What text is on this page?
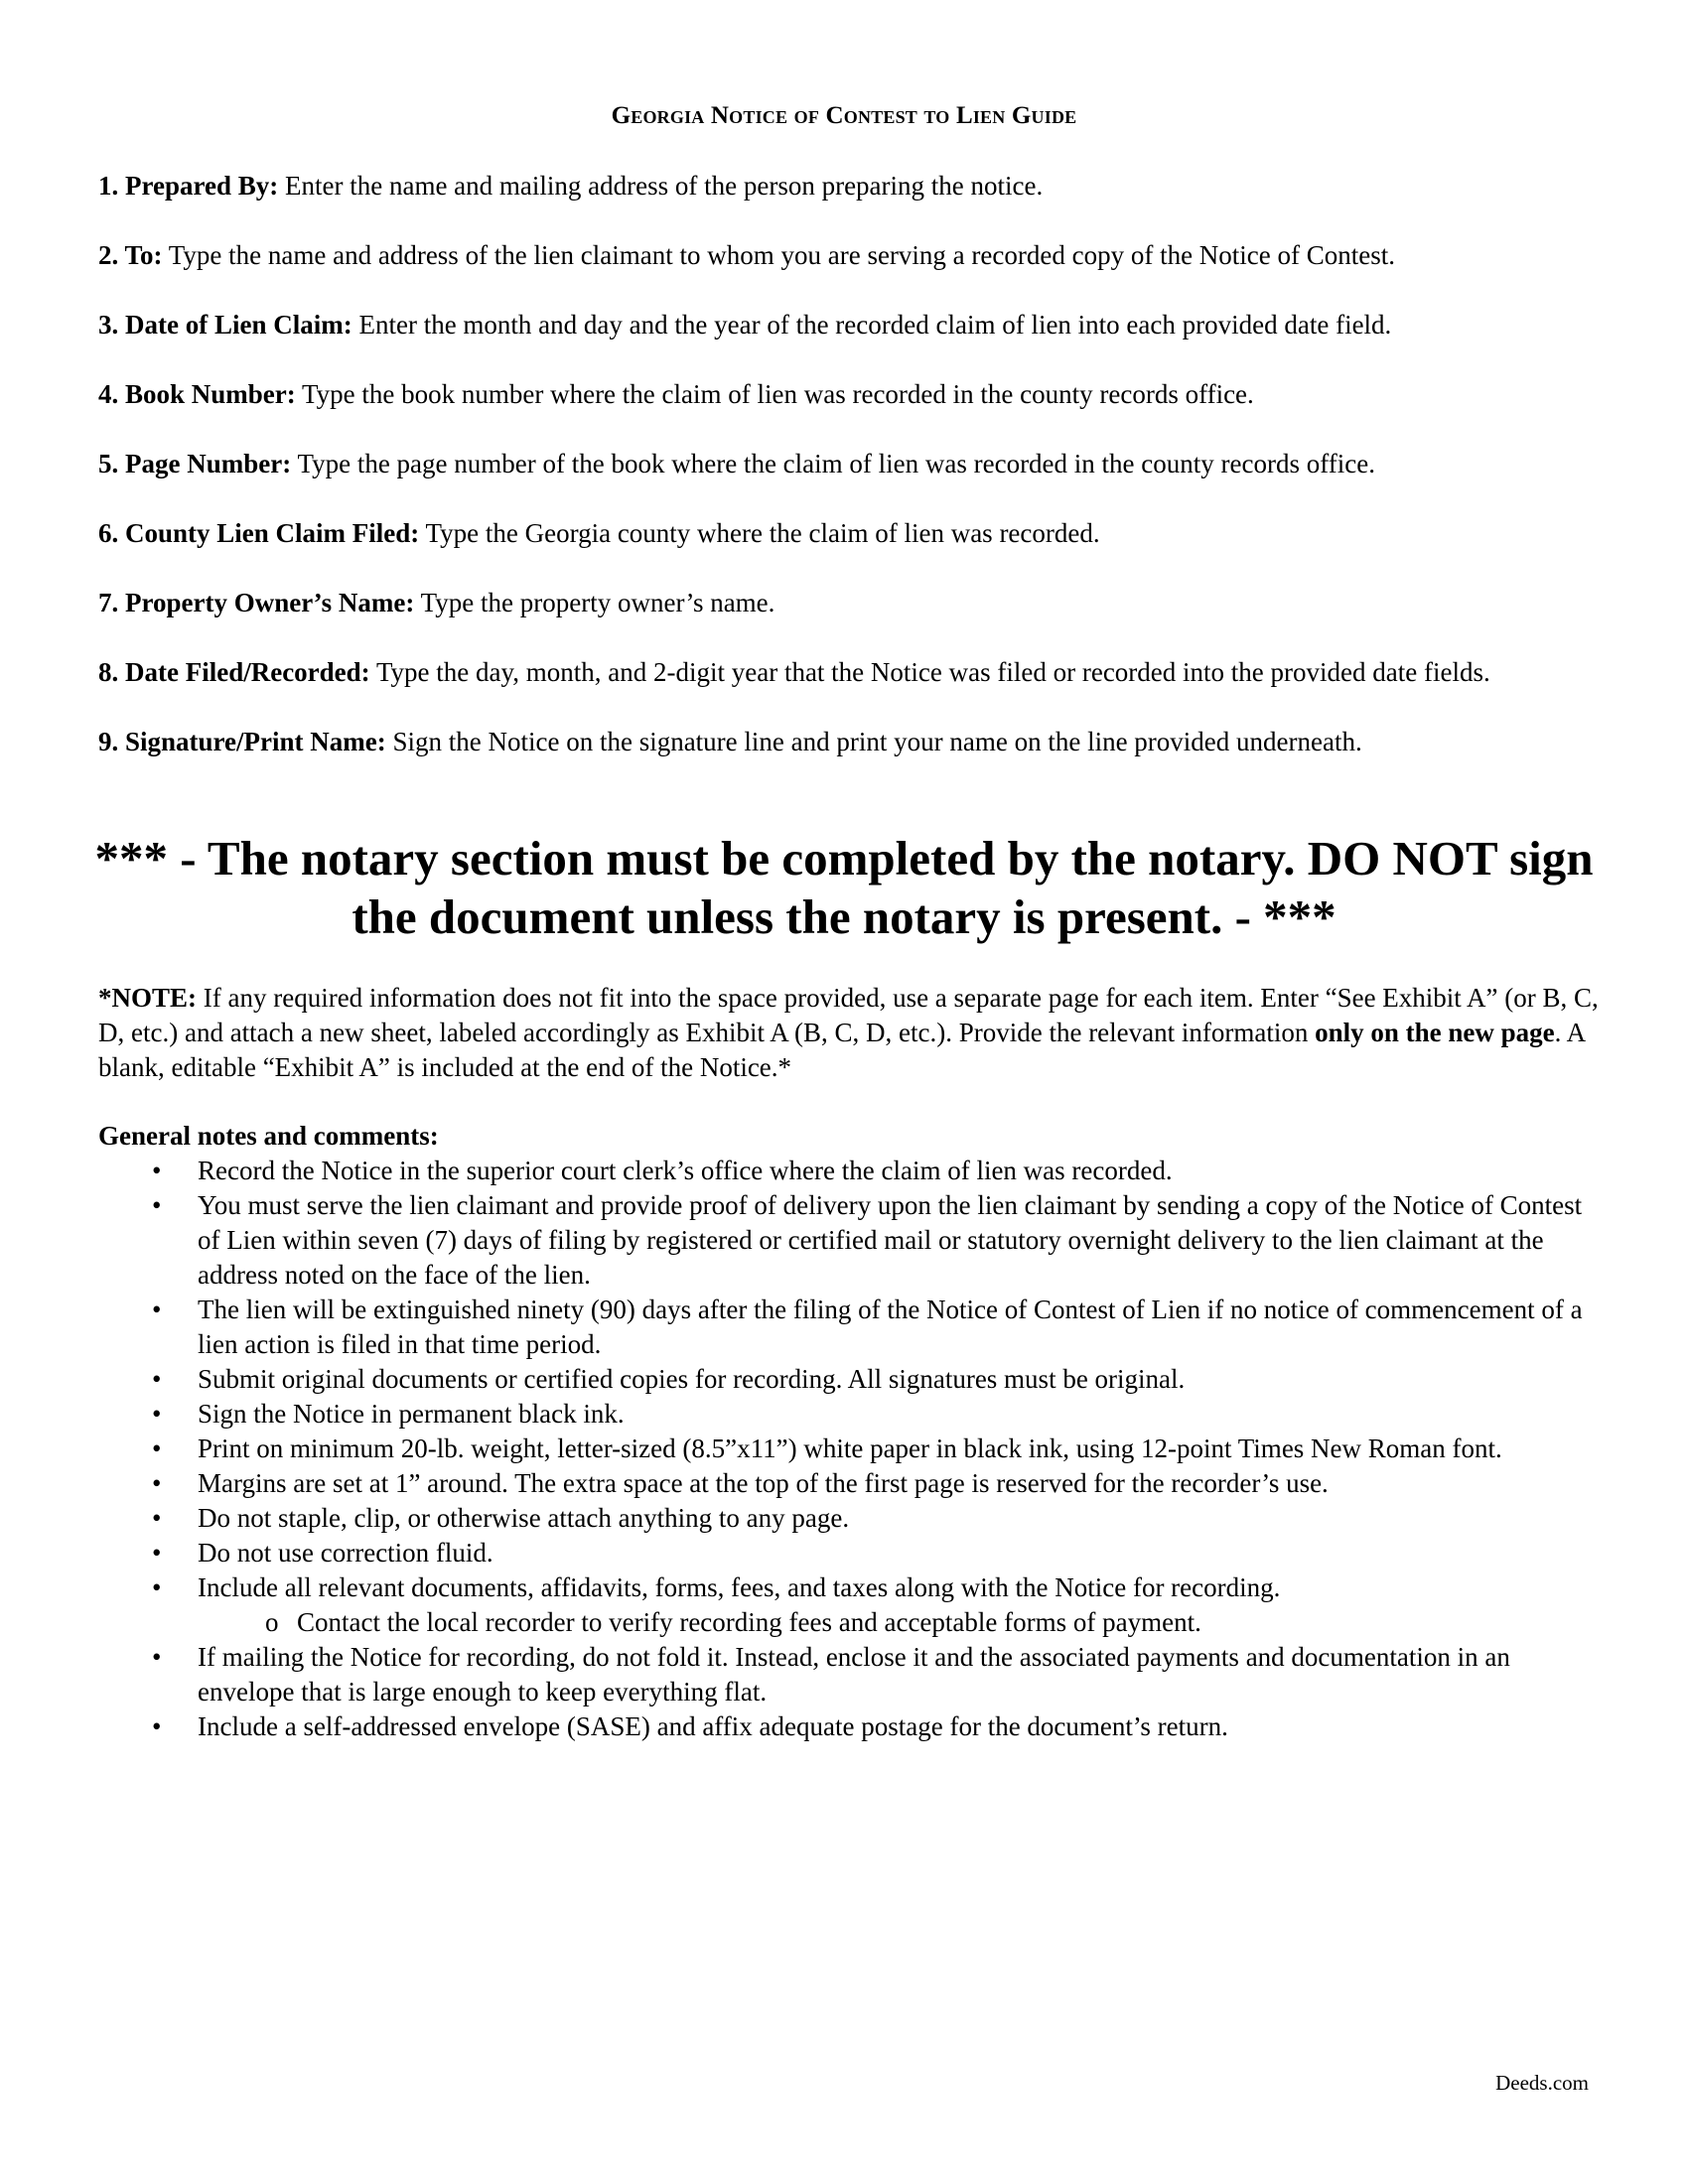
Georgia Notice of Contest to Lien Guide

1. Prepared By: Enter the name and mailing address of the person preparing the notice.

2. To: Type the name and address of the lien claimant to whom you are serving a recorded copy of the Notice of Contest.

3. Date of Lien Claim: Enter the month and day and the year of the recorded claim of lien into each provided date field.

4. Book Number: Type the book number where the claim of lien was recorded in the county records office.

5. Page Number: Type the page number of the book where the claim of lien was recorded in the county records office.

6. County Lien Claim Filed: Type the Georgia county where the claim of lien was recorded.

7. Property Owner’s Name: Type the property owner’s name.

8. Date Filed/Recorded: Type the day, month, and 2-digit year that the Notice was filed or recorded into the provided date fields.

9. Signature/Print Name: Sign the Notice on the signature line and print your name on the line provided underneath.

*** - The notary section must be completed by the notary. DO NOT sign the document unless the notary is present. - ***
*NOTE: If any required information does not fit into the space provided, use a separate page for each item. Enter “See Exhibit A” (or B, C, D, etc.) and attach a new sheet, labeled accordingly as Exhibit A (B, C, D, etc.). Provide the relevant information only on the new page. A blank, editable “Exhibit A” is included at the end of the Notice.*
General notes and comments:
• Record the Notice in the superior court clerk’s office where the claim of lien was recorded.
• You must serve the lien claimant and provide proof of delivery upon the lien claimant by sending a copy of the Notice of Contest of Lien within seven (7) days of filing by registered or certified mail or statutory overnight delivery to the lien claimant at the address noted on the face of the lien.
• The lien will be extinguished ninety (90) days after the filing of the Notice of Contest of Lien if no notice of commencement of a lien action is filed in that time period.
• Submit original documents or certified copies for recording. All signatures must be original.
• Sign the Notice in permanent black ink.
• Print on minimum 20-lb. weight, letter-sized (8.5”x11”) white paper in black ink, using 12-point Times New Roman font.
• Margins are set at 1” around. The extra space at the top of the first page is reserved for the recorder’s use.
• Do not staple, clip, or otherwise attach anything to any page.
• Do not use correction fluid.
• Include all relevant documents, affidavits, forms, fees, and taxes along with the Notice for recording.
o Contact the local recorder to verify recording fees and acceptable forms of payment.
• If mailing the Notice for recording, do not fold it. Instead, enclose it and the associated payments and documentation in an envelope that is large enough to keep everything flat.
• Include a self-addressed envelope (SASE) and affix adequate postage for the document’s return.
Deeds.com
